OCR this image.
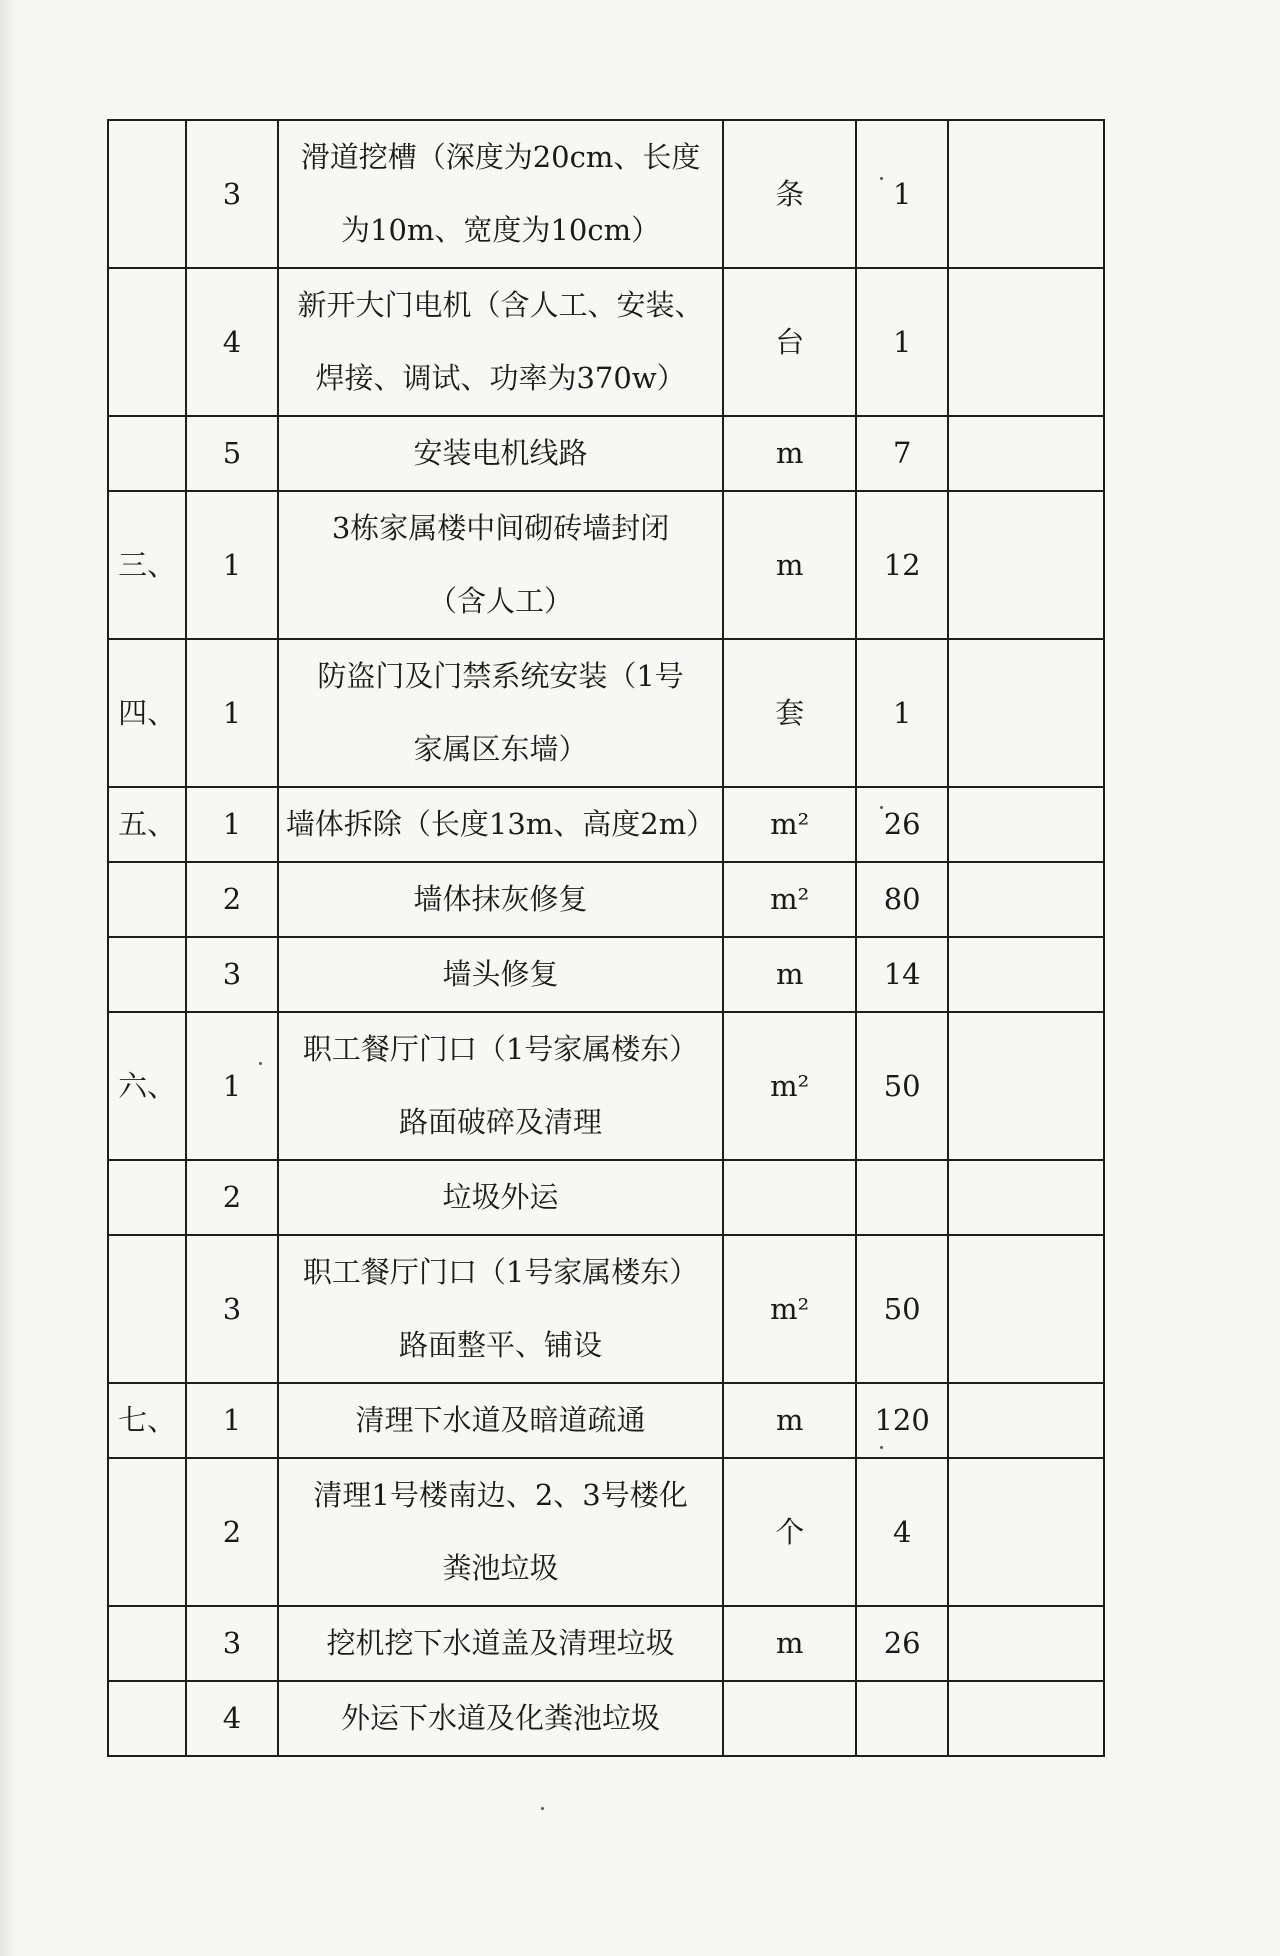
	3	滑道挖槽（深度为20cm、长度
为10m、宽度为10cm）	条	1	
	4	新开大门电机（含人工、安装、
焊接、调试、功率为370w）	台	1	
	5	安装电机线路	m	7	
三、	1	3栋家属楼中间砌砖墙封闭
（含人工）	m	12	
四、	1	防盗门及门禁系统安装（1号
家属区东墙）	套	1	
五、	1	墙体拆除（长度13m、高度2m）	m²	26	
	2	墙体抹灰修复	m²	80	
	3	墙头修复	m	14	
六、	1	职工餐厅门口（1号家属楼东）
路面破碎及清理	m²	50	
	2	垃圾外运			

	3	职工餐厅门口（1号家属楼东）
路面整平、铺设	m²	50	
七、	1	清理下水道及暗道疏通	m	120	
	2	清理1号楼南边、2、3号楼化
粪池垃圾	个	4	
	3	挖机挖下水道盖及清理垃圾	m	26	
	4	外运下水道及化粪池垃圾			
